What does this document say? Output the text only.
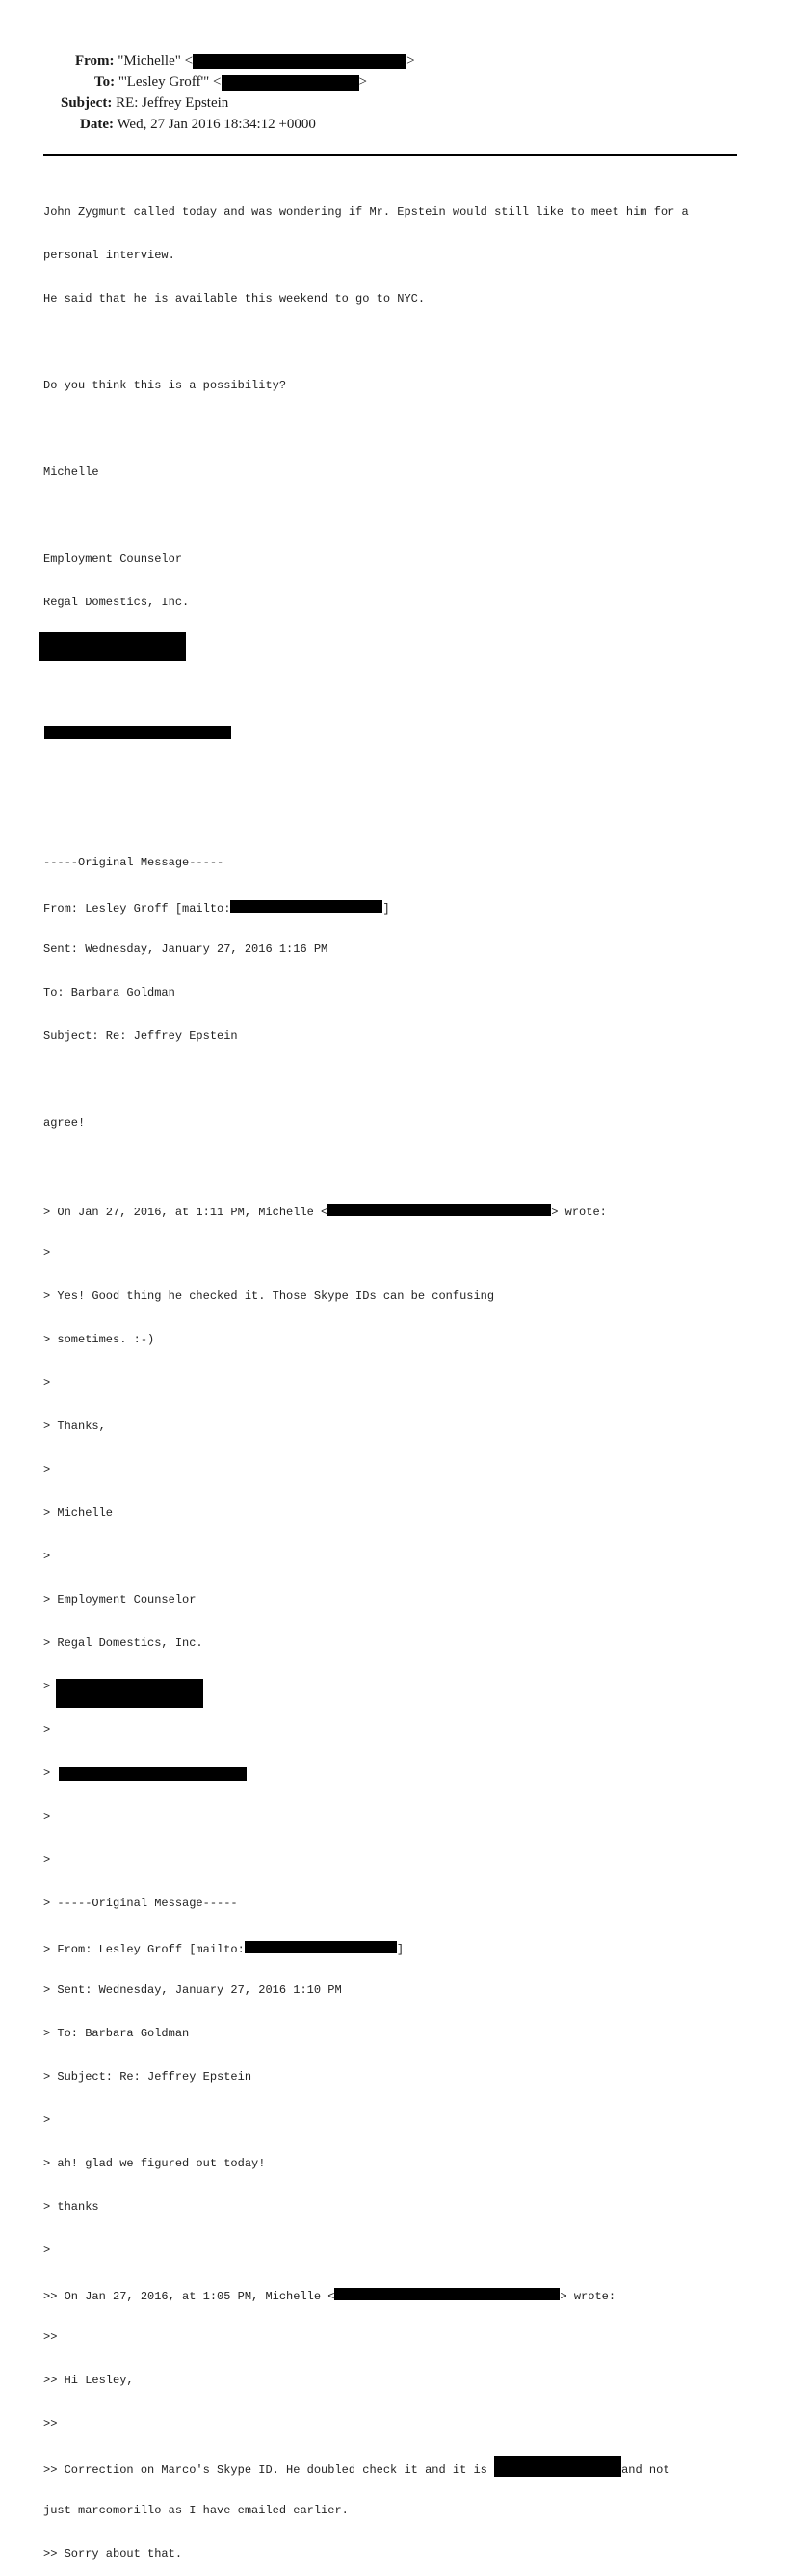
From: "Michelle" <	>
To: "'Lesley Groff'" <	>
Subject: RE: Jeffrey Epstein
Date: Wed, 27 Jan 2016 18:34:12 +0000

John Zygmunt called today and was wondering if Mr. Epstein would still like to meet him for a

personal interview.

He said that he is available this weekend to go to NYC.

Do you think this is a possibility?

Michelle

Employment Counselor

Regal Domestics, Inc.

-----Original Message-----

From: Lesley Groff [mailto:	]

Sent: Wednesday, January 27, 2016 1:16 PM

To: Barbara Goldman

Subject: Re: Jeffrey Epstein

agree!

> On Jan 27, 2016, at 1:11 PM, Michelle <	> wrote:

>

> Yes! Good thing he checked it. Those Skype IDs can be confusing

> sometimes. :-)

>

> Thanks,

>

> Michelle

>

> Employment Counselor

> Regal Domestics, Inc.

>

>

>

>

>

> -----Original Message-----

> From: Lesley Groff [mailto:	]

> Sent: Wednesday, January 27, 2016 1:10 PM

> To: Barbara Goldman

> Subject: Re: Jeffrey Epstein

>

> ah! glad we figured out today!

> thanks

>

>> On Jan 27, 2016, at 1:05 PM, Michelle <	> wrote:

>>

>> Hi Lesley,

>>

>> Correction on Marco's Skype ID. He doubled check it and it is	and not

just marcomorillo as I have emailed earlier.

>> Sorry about that.
